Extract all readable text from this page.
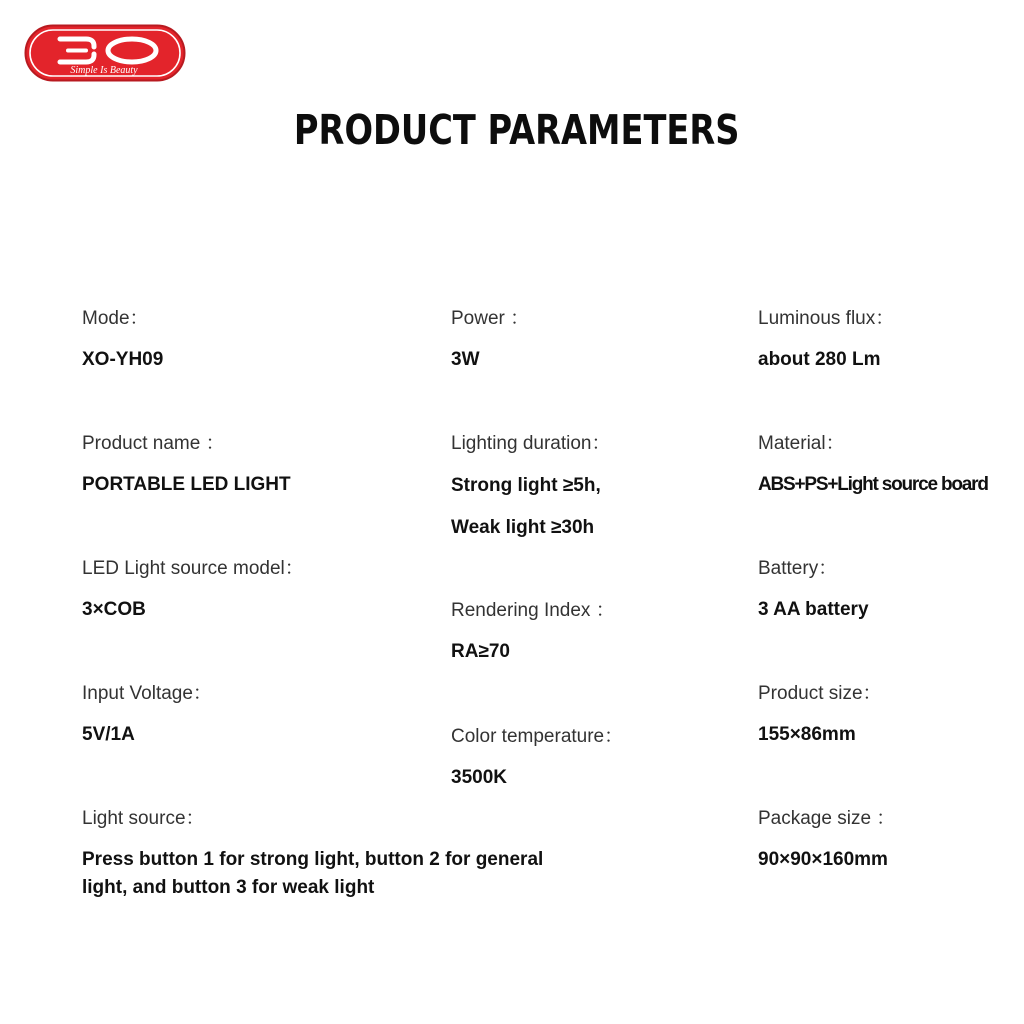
Simple Is Beauty
PRODUCT PARAMETERS

Mode：

XO-YH09

Product name ：

PORTABLE LED LIGHT

LED Light source model：

3×COB

Input Voltage：

5V/1A

Light source：

Press button 1 for strong light, button 2 for general light, and button 3 for weak light

Power ：

3W

Lighting duration：

Strong light ≥5h,
Weak light ≥30h

Rendering Index ：

RA≥70

Color temperature：

3500K

Luminous flux：

about 280 Lm

Material：

ABS+PS+Light source board

Battery：

3 AA battery

Product size：

155×86mm

Package size ：

90×90×160mm
